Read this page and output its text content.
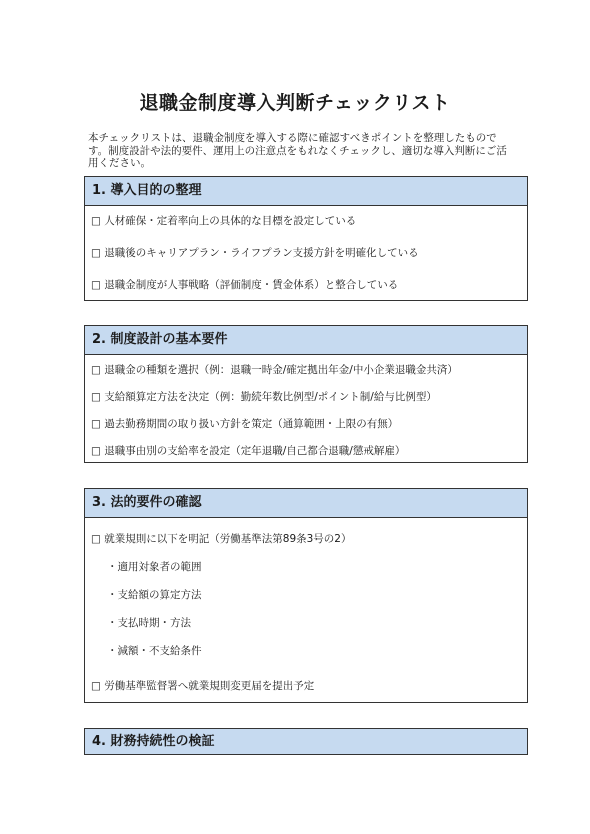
退職金制度導入判断チェックリスト
本チェックリストは、退職金制度を導入する際に確認すべきポイントを整理したもので
す。制度設計や法的要件、運用上の注意点をもれなくチェックし、適切な導入判断にご活
用ください。
1. 導入目的の整理
□ 人材確保・定着率向上の具体的な目標を設定している
□ 退職後のキャリアプラン・ライフプラン支援方針を明確化している
□ 退職金制度が人事戦略（評価制度・賃金体系）と整合している
2. 制度設計の基本要件
□ 退職金の種類を選択（例：退職一時金/確定拠出年金/中小企業退職金共済）
□ 支給額算定方法を決定（例：勤続年数比例型/ポイント制/給与比例型）
□ 過去勤務期間の取り扱い方針を策定（通算範囲・上限の有無）
□ 退職事由別の支給率を設定（定年退職/自己都合退職/懲戒解雇）
3. 法的要件の確認
□ 就業規則に以下を明記（労働基準法第89条3号の2）
・適用対象者の範囲
・支給額の算定方法
・支払時期・方法
・減額・不支給条件
□ 労働基準監督署へ就業規則変更届を提出予定
4. 財務持続性の検証
